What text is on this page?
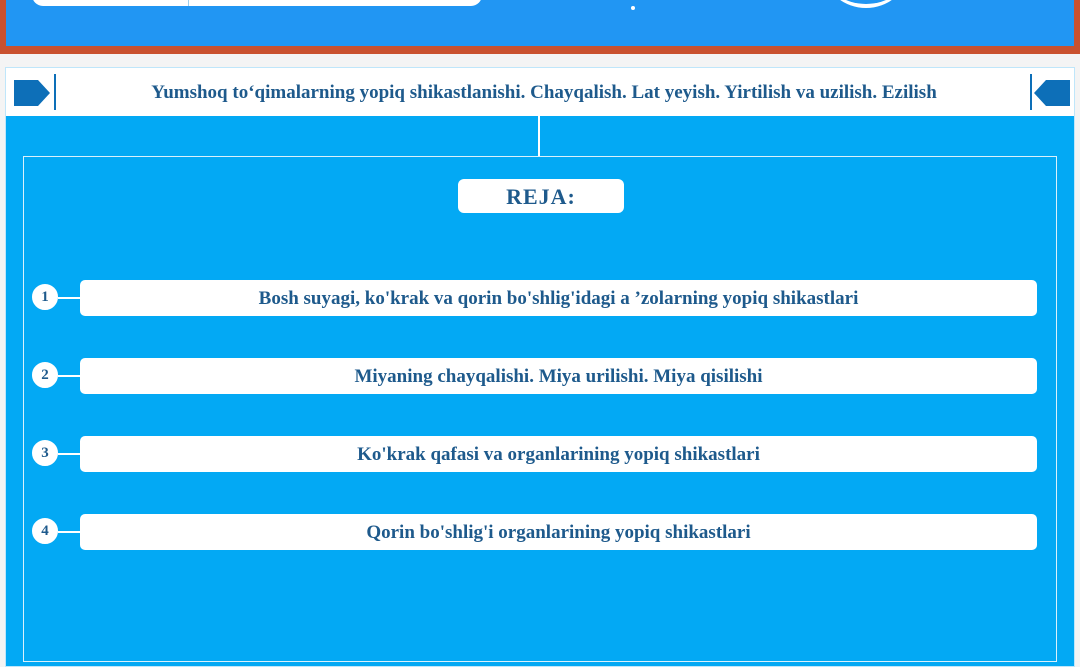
Yumshoq to‘qimalarning yopiq shikastlanishi. Chayqalish. Lat yeyish. Yirtilish va uzilish. Ezilish
REJA:
1	Bosh suyagi, ko'krak va qorin bo'shlig'idagi a ’zolarning yopiq shikastlari
2	Miyaning chayqalishi. Miya urilishi. Miya qisilishi
3	Ko'krak qafasi va organlarining yopiq shikastlari
4	Qorin bo'shlig'i organlarining yopiq shikastlari
